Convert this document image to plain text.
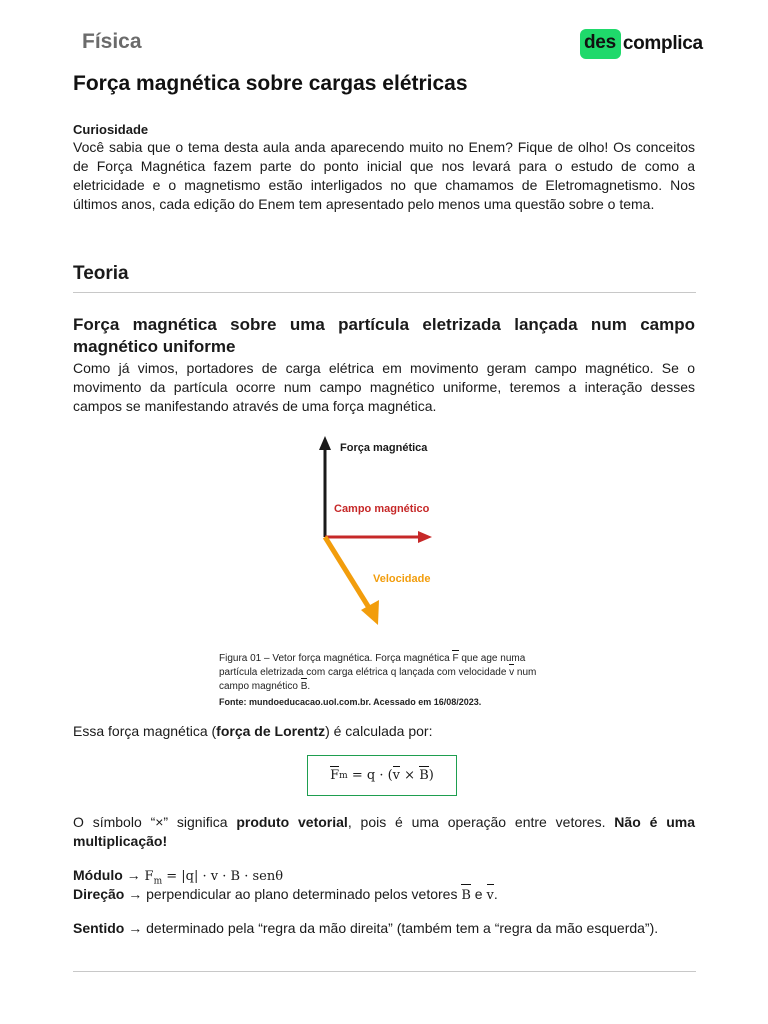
Física	des complica
Força magnética sobre cargas elétricas
Curiosidade

Você sabia que o tema desta aula anda aparecendo muito no Enem? Fique de olho! Os conceitos de Força Magnética fazem parte do ponto inicial que nos levará para o estudo de como a eletricidade e o magnetismo estão interligados no que chamamos de Eletromagnetismo. Nos últimos anos, cada edição do Enem tem apresentado pelo menos uma questão sobre o tema.

Teoria
Força magnética sobre uma partícula eletrizada lançada num campo magnético uniforme

Como já vimos, portadores de carga elétrica em movimento geram campo magnético. Se o movimento da partícula ocorre num campo magnético uniforme, teremos a interação desses campos se manifestando através de uma força magnética.

Força magnética
Campo magnético
Velocidade
Figura 01 – Vetor força magnética. Força magnética F que age numa partícula eletrizada com carga elétrica q lançada com velocidade v num campo magnético B.
Fonte: mundoeducacao.uol.com.br. Acessado em 16/08/2023.
Essa força magnética (força de Lorentz) é calculada por:
F m = q · ( v × B )

O símbolo “×” significa produto vetorial, pois é uma operação entre vetores. Não é uma multiplicação!

Módulo → $F_m = |q| \cdot v \cdot B \cdot sen\theta$
Direção → perpendicular ao plano determinado pelos vetores B e v.
Sentido → determinado pela “regra da mão direita” (também tem a “regra da mão esquerda”).
